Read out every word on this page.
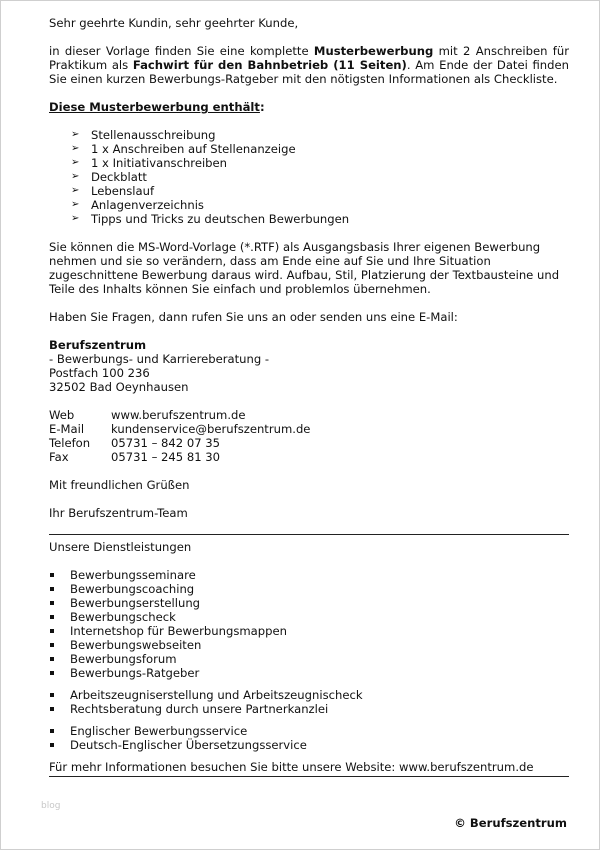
Sehr geehrte Kundin, sehr geehrter Kunde,

in dieser Vorlage finden Sie eine komplette Musterbewerbung mit 2 Anschreiben für Praktikum als Fachwirt für den Bahnbetrieb (11 Seiten). Am Ende der Datei finden Sie einen kurzen Bewerbungs-Ratgeber mit den nötigsten Informationen als Checkliste.

Diese Musterbewerbung enthält:

➢ Stellenausschreibung
➢ 1 x Anschreiben auf Stellenanzeige
➢ 1 x Initiativanschreiben
➢ Deckblatt
➢ Lebenslauf
➢ Anlagenverzeichnis
➢ Tipps und Tricks zu deutschen Bewerbungen

Sie können die MS-Word-Vorlage (*.RTF) als Ausgangsbasis Ihrer eigenen Bewerbung nehmen und sie so verändern, dass am Ende eine auf Sie und Ihre Situation zugeschnittene Bewerbung daraus wird. Aufbau, Stil, Platzierung der Textbausteine und Teile des Inhalts können Sie einfach und problemlos übernehmen.

Haben Sie Fragen, dann rufen Sie uns an oder senden uns eine E-Mail:

Berufszentrum

- Bewerbungs- und Karriereberatung -

Postfach 100 236

32502 Bad Oeynhausen

Web	www.berufszentrum.de
E-Mail	kundenservice@berufszentrum.de
Telefon	05731 – 842 07 35
Fax	05731 – 245 81 30

Mit freundlichen Grüßen

Ihr Berufszentrum-Team

Unsere Dienstleistungen

Bewerbungsseminare
Bewerbungscoaching
Bewerbungserstellung
Bewerbungscheck
Internetshop für Bewerbungsmappen
Bewerbungswebseiten
Bewerbungsforum
Bewerbungs-Ratgeber
Arbeitszeugniserstellung und Arbeitszeugnischeck
Rechtsberatung durch unsere Partnerkanzlei
Englischer Bewerbungsservice
Deutsch-Englischer Übersetzungsservice

Für mehr Informationen besuchen Sie bitte unsere Website: www.berufszentrum.de

blog
© Berufszentrum
